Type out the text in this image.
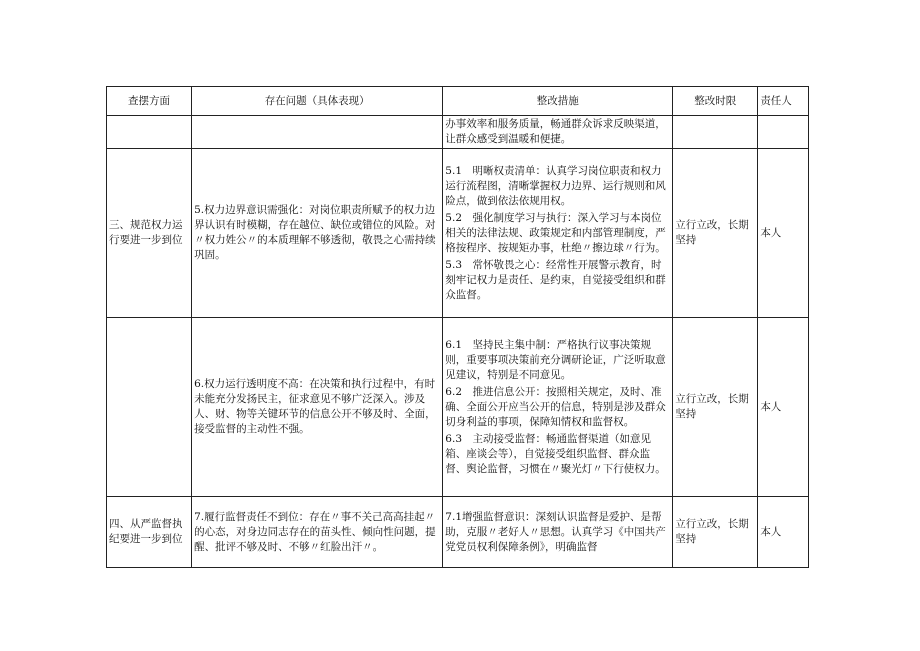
查摆方面	存在问题（具体表现）	整改措施	整改时限	责任人

		办事效率和服务质量，畅通群众诉求反映渠道，让群众感受到温暖和便捷。		

三、规范权力运行要进一步到位	5.权力边界意识需强化：对岗位职责所赋予的权力边界认识有时模糊，存在越位、缺位或错位的风险。对〃权力姓公〃的本质理解不够透彻，敬畏之心需持续巩固。	5.1　明晰权责清单：认真学习岗位职责和权力运行流程图，清晰掌握权力边界、运行规则和风险点，做到依法依规用权。

5.2　强化制度学习与执行：深入学习与本岗位相关的法律法规、政策规定和内部管理制度，严格按程序、按规矩办事，杜绝〃擦边球〃行为。

5.3　常怀敬畏之心：经常性开展警示教育，时刻牢记权力是责任、是约束，自觉接受组织和群众监督。	立行立改，长期坚持	本人
	6.权力运行透明度不高：在决策和执行过程中，有时未能充分发扬民主，征求意见不够广泛深入。涉及人、财、物等关键环节的信息公开不够及时、全面，接受监督的主动性不强。	6.1　坚持民主集中制：严格执行议事决策规则，重要事项决策前充分调研论证，广泛听取意见建议，特别是不同意见。

6.2　推进信息公开：按照相关规定，及时、准确、全面公开应当公开的信息，特别是涉及群众切身利益的事项，保障知情权和监督权。

6.3　主动接受监督：畅通监督渠道（如意见箱、座谈会等），自觉接受组织监督、群众监督、舆论监督，习惯在〃聚光灯〃下行使权力。	立行立改，长期坚持	本人
四、从严监督执纪要进一步到位	7.履行监督责任不到位：存在〃事不关己高高挂起〃的心态，对身边同志存在的苗头性、倾向性问题，提醒、批评不够及时、不够〃红脸出汗〃。	7.1增强监督意识：深刻认识监督是爱护、是帮助，克服〃老好人〃思想。认真学习《中国共产党党员权利保障条例》，明确监督	立行立改，长期坚持	本人
